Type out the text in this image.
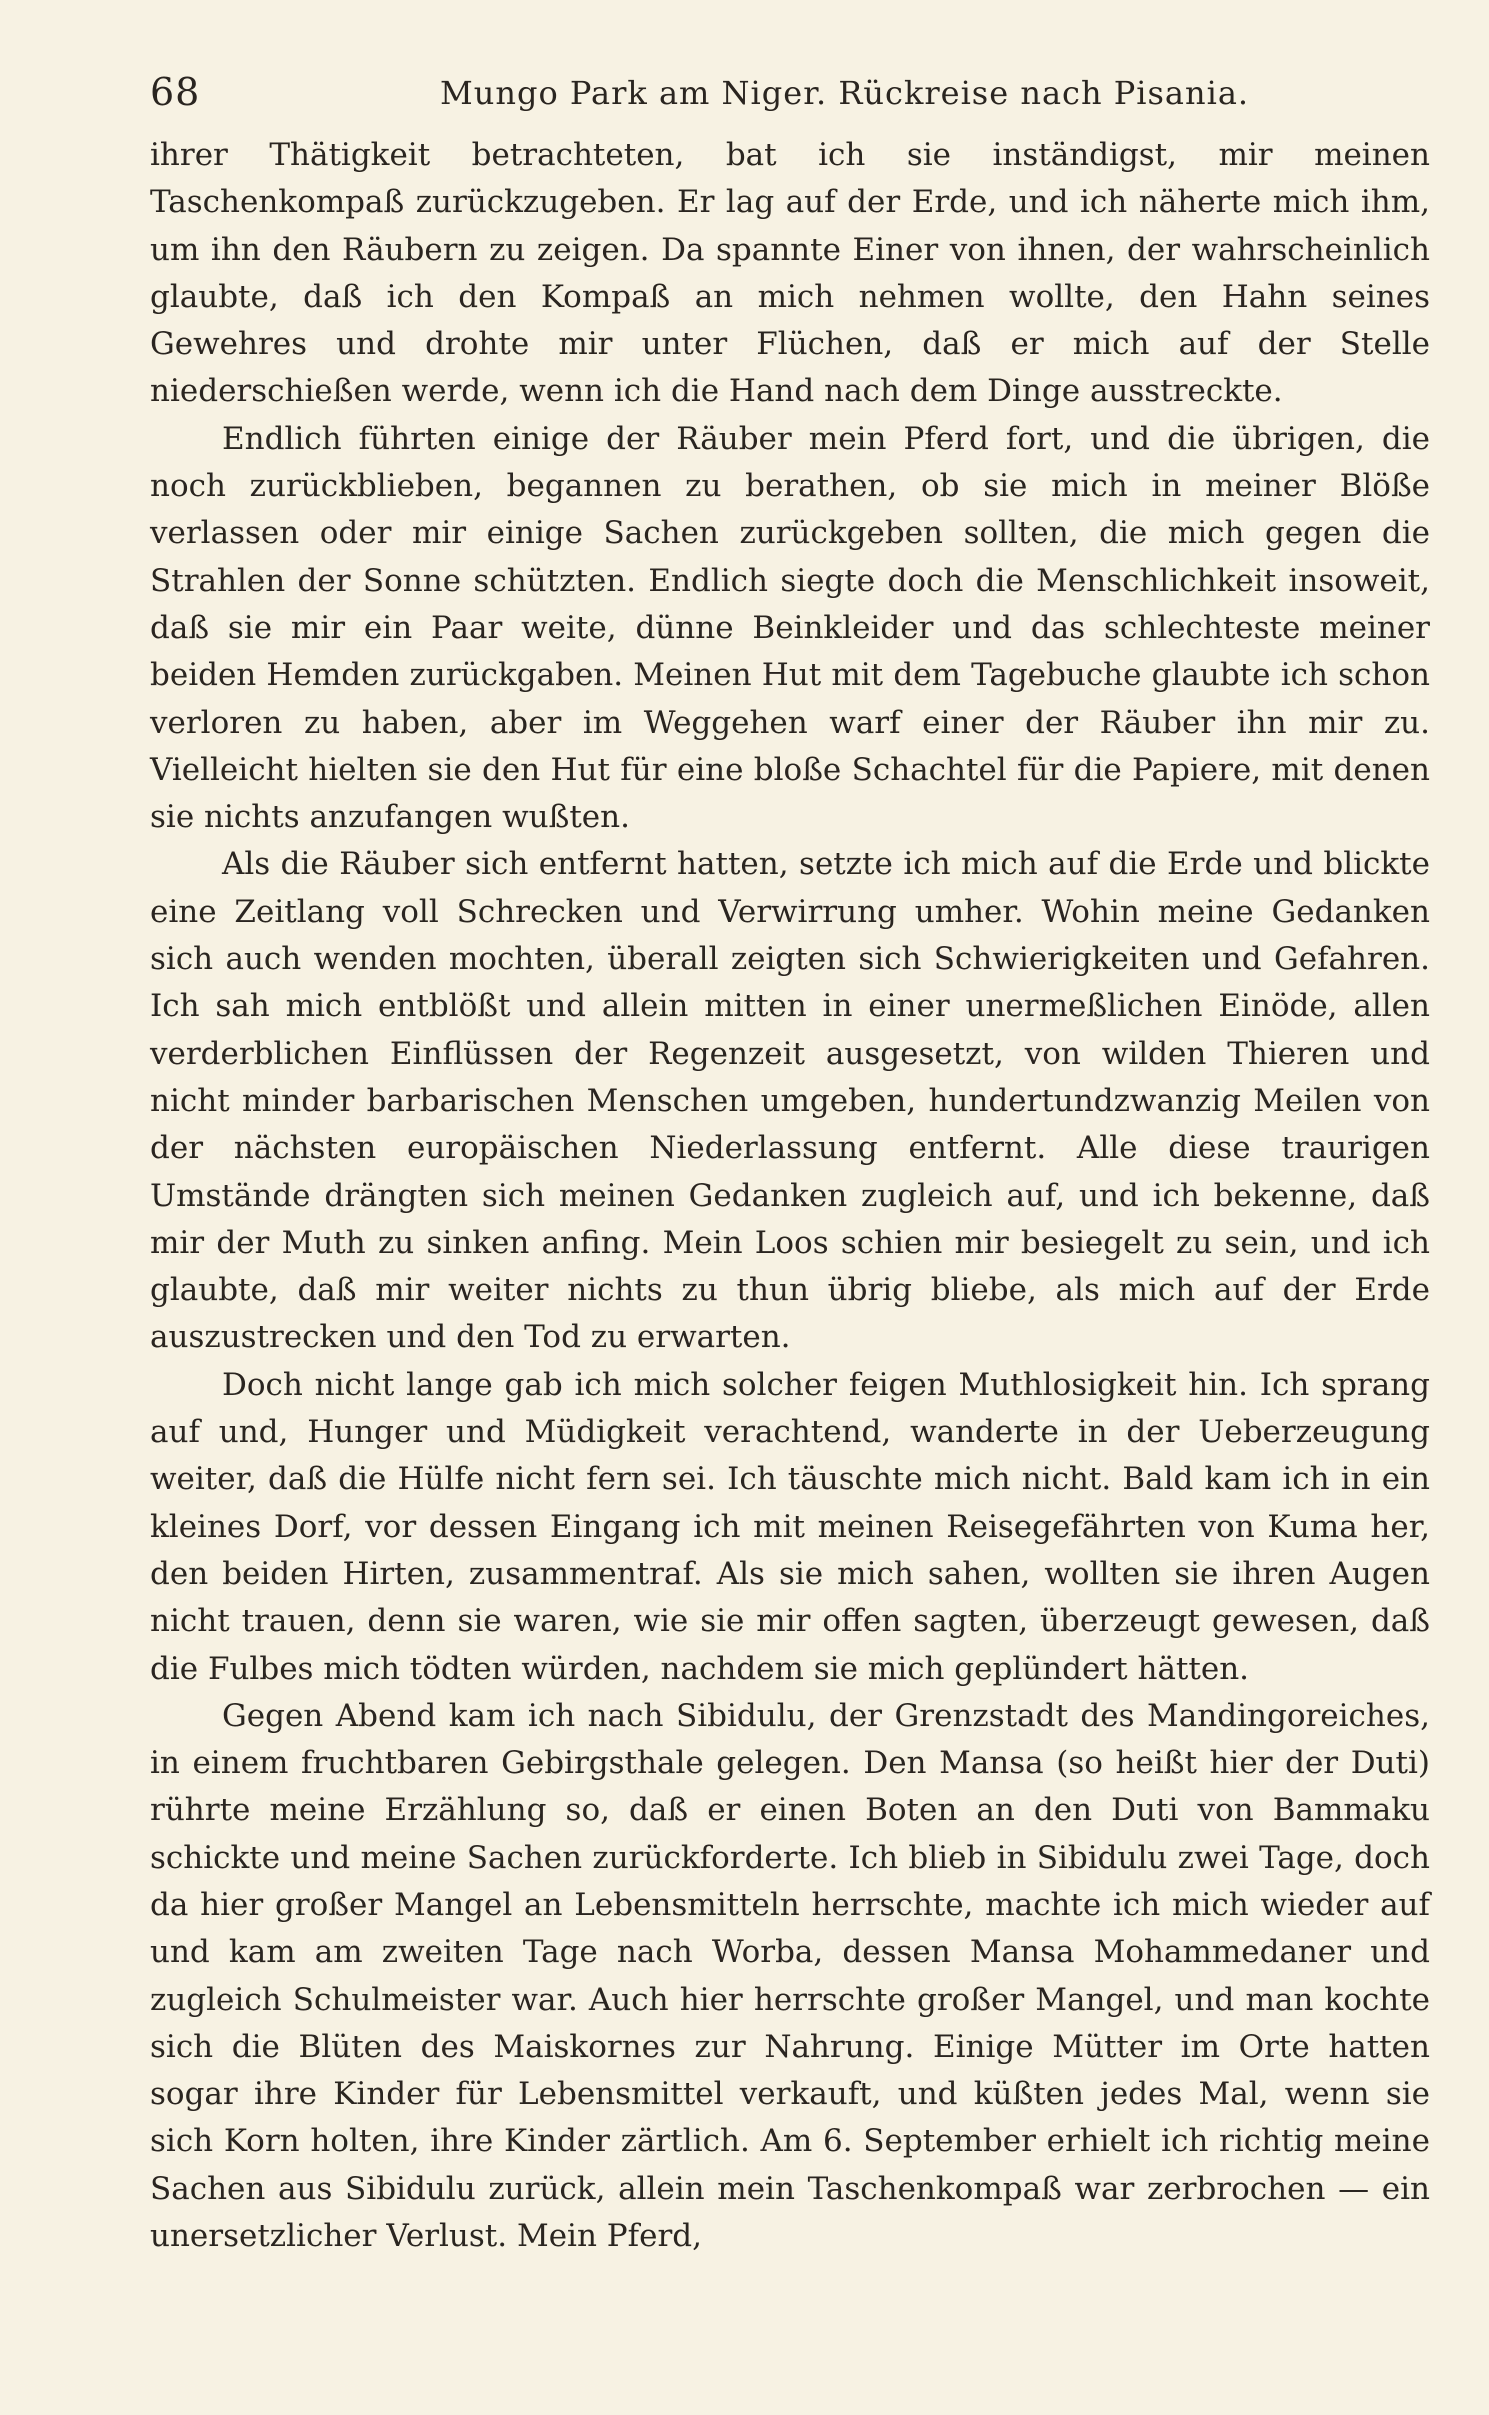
68	Mungo Park am Niger. Rückreise nach Pisania.

ihrer Thätigkeit betrachteten, bat ich sie inständigst, mir meinen Taschenkompaß zurückzugeben. Er lag auf der Erde, und ich näherte mich ihm, um ihn den Räubern zu zeigen. Da spannte Einer von ihnen, der wahrscheinlich glaubte, daß ich den Kompaß an mich nehmen wollte, den Hahn seines Gewehres und drohte mir unter Flüchen, daß er mich auf der Stelle niederschießen werde, wenn ich die Hand nach dem Dinge ausstreckte.

Endlich führten einige der Räuber mein Pferd fort, und die übrigen, die noch zurückblieben, begannen zu berathen, ob sie mich in meiner Blöße verlassen oder mir einige Sachen zurückgeben sollten, die mich gegen die Strahlen der Sonne schützten. Endlich siegte doch die Menschlichkeit insoweit, daß sie mir ein Paar weite, dünne Beinkleider und das schlechteste meiner beiden Hemden zurückgaben. Meinen Hut mit dem Tagebuche glaubte ich schon verloren zu haben, aber im Weggehen warf einer der Räuber ihn mir zu. Vielleicht hielten sie den Hut für eine bloße Schachtel für die Papiere, mit denen sie nichts anzufangen wußten.

Als die Räuber sich entfernt hatten, setzte ich mich auf die Erde und blickte eine Zeitlang voll Schrecken und Verwirrung umher. Wohin meine Gedanken sich auch wenden mochten, überall zeigten sich Schwierigkeiten und Gefahren. Ich sah mich entblößt und allein mitten in einer unermeßlichen Einöde, allen verderblichen Einflüssen der Regenzeit ausgesetzt, von wilden Thieren und nicht minder barbarischen Menschen umgeben, hundertundzwanzig Meilen von der nächsten europäischen Niederlassung entfernt. Alle diese traurigen Umstände drängten sich meinen Gedanken zugleich auf, und ich bekenne, daß mir der Muth zu sinken anfing. Mein Loos schien mir besiegelt zu sein, und ich glaubte, daß mir weiter nichts zu thun übrig bliebe, als mich auf der Erde auszustrecken und den Tod zu erwarten.

Doch nicht lange gab ich mich solcher feigen Muthlosigkeit hin. Ich sprang auf und, Hunger und Müdigkeit verachtend, wanderte in der Ueberzeugung weiter, daß die Hülfe nicht fern sei. Ich täuschte mich nicht. Bald kam ich in ein kleines Dorf, vor dessen Eingang ich mit meinen Reisegefährten von Kuma her, den beiden Hirten, zusammentraf. Als sie mich sahen, wollten sie ihren Augen nicht trauen, denn sie waren, wie sie mir offen sagten, überzeugt gewesen, daß die Fulbes mich tödten würden, nachdem sie mich geplündert hätten.

Gegen Abend kam ich nach Sibidulu, der Grenzstadt des Mandingoreiches, in einem fruchtbaren Gebirgsthale gelegen. Den Mansa (so heißt hier der Duti) rührte meine Erzählung so, daß er einen Boten an den Duti von Bammaku schickte und meine Sachen zurückforderte. Ich blieb in Sibidulu zwei Tage, doch da hier großer Mangel an Lebensmitteln herrschte, machte ich mich wieder auf und kam am zweiten Tage nach Worba, dessen Mansa Mohammedaner und zugleich Schulmeister war. Auch hier herrschte großer Mangel, und man kochte sich die Blüten des Maiskornes zur Nahrung. Einige Mütter im Orte hatten sogar ihre Kinder für Lebensmittel verkauft, und küßten jedes Mal, wenn sie sich Korn holten, ihre Kinder zärtlich. Am 6. September erhielt ich richtig meine Sachen aus Sibidulu zurück, allein mein Taschenkompaß war zerbrochen — ein unersetzlicher Verlust. Mein Pferd,
